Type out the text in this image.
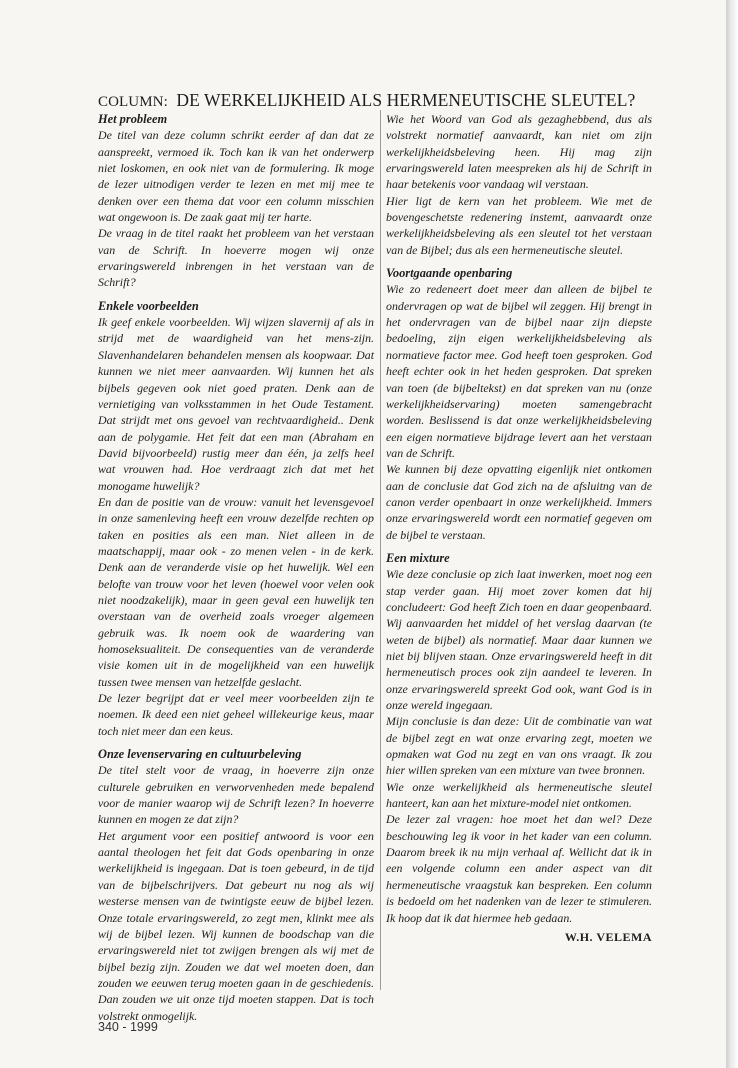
COLUMN: DE WERKELIJKHEID ALS HERMENEUTISCHE SLEUTEL?
Het probleem

De titel van deze column schrikt eerder af dan dat ze aanspreekt, vermoed ik. Toch kan ik van het onderwerp niet loskomen, en ook niet van de formulering. Ik moge de lezer uitnodigen verder te lezen en met mij mee te denken over een thema dat voor een column misschien wat ongewoon is. De zaak gaat mij ter harte.

De vraag in de titel raakt het probleem van het verstaan van de Schrift. In hoeverre mogen wij onze ervaringswereld inbrengen in het verstaan van de Schrift?

Enkele voorbeelden

Ik geef enkele voorbeelden. Wij wijzen slavernij af als in strijd met de waardigheid van het mens-zijn. Slavenhandelaren behandelen mensen als koopwaar. Dat kunnen we niet meer aanvaarden. Wij kunnen het als bijbels gegeven ook niet goed praten. Denk aan de vernietiging van volksstammen in het Oude Testament. Dat strijdt met ons gevoel van rechtvaardigheid.. Denk aan de polygamie. Het feit dat een man (Abraham en David bijvoorbeeld) rustig meer dan één, ja zelfs heel wat vrouwen had. Hoe verdraagt zich dat met het monogame huwelijk?

En dan de positie van de vrouw: vanuit het levensgevoel in onze samenleving heeft een vrouw dezelfde rechten op taken en posities als een man. Niet alleen in de maatschappij, maar ook - zo menen velen - in de kerk. Denk aan de veranderde visie op het huwelijk. Wel een belofte van trouw voor het leven (hoewel voor velen ook niet noodzakelijk), maar in geen geval een huwelijk ten overstaan van de overheid zoals vroeger algemeen gebruik was. Ik noem ook de waardering van homoseksualiteit. De consequenties van de veranderde visie komen uit in de mogelijkheid van een huwelijk tussen twee mensen van hetzelfde geslacht.

De lezer begrijpt dat er veel meer voorbeelden zijn te noemen. Ik deed een niet geheel willekeurige keus, maar toch niet meer dan een keus.

Onze levenservaring en cultuurbeleving

De titel stelt voor de vraag, in hoeverre zijn onze culturele gebruiken en verworvenheden mede bepalend voor de manier waarop wij de Schrift lezen? In hoeverre kunnen en mogen ze dat zijn?

Het argument voor een positief antwoord is voor een aantal theologen het feit dat Gods openbaring in onze werkelijkheid is ingegaan. Dat is toen gebeurd, in de tijd van de bijbelschrijvers. Dat gebeurt nu nog als wij westerse mensen van de twintigste eeuw de bijbel lezen. Onze totale ervaringswereld, zo zegt men, klinkt mee als wij de bijbel lezen. Wij kunnen de boodschap van die ervaringswereld niet tot zwijgen brengen als wij met de bijbel bezig zijn. Zouden we dat wel moeten doen, dan zouden we eeuwen terug moeten gaan in de geschiedenis. Dan zouden we uit onze tijd moeten stappen. Dat is toch volstrekt onmogelijk.

Wie het Woord van God als gezaghebbend, dus als volstrekt normatief aanvaardt, kan niet om zijn werkelijkheidsbeleving heen. Hij mag zijn ervaringswereld laten meespreken als hij de Schrift in haar betekenis voor vandaag wil verstaan.

Hier ligt de kern van het probleem. Wie met de bovengeschetste redenering instemt, aanvaardt onze werkelijkheidsbeleving als een sleutel tot het verstaan van de Bijbel; dus als een hermeneutische sleutel.

Voortgaande openbaring

Wie zo redeneert doet meer dan alleen de bijbel te ondervragen op wat de bijbel wil zeggen. Hij brengt in het ondervragen van de bijbel naar zijn diepste bedoeling, zijn eigen werkelijkheidsbeleving als normatieve factor mee. God heeft toen gesproken. God heeft echter ook in het heden gesproken. Dat spreken van toen (de bijbeltekst) en dat spreken van nu (onze werkelijkheidservaring) moeten samengebracht worden. Beslissend is dat onze werkelijkheidsbeleving een eigen normatieve bijdrage levert aan het verstaan van de Schrift.

We kunnen bij deze opvatting eigenlijk niet ontkomen aan de conclusie dat God zich na de afsluitng van de canon verder openbaart in onze werkelijkheid. Immers onze ervaringswereld wordt een normatief gegeven om de bijbel te verstaan.

Een mixture

Wie deze conclusie op zich laat inwerken, moet nog een stap verder gaan. Hij moet zover komen dat hij concludeert: God heeft Zich toen en daar geopenbaard. Wij aanvaarden het middel of het verslag daarvan (te weten de bijbel) als normatief. Maar daar kunnen we niet bij blijven staan. Onze ervaringswereld heeft in dit hermeneutisch proces ook zijn aandeel te leveren. In onze ervaringswereld spreekt God ook, want God is in onze wereld ingegaan.

Mijn conclusie is dan deze: Uit de combinatie van wat de bijbel zegt en wat onze ervaring zegt, moeten we opmaken wat God nu zegt en van ons vraagt. Ik zou hier willen spreken van een mixture van twee bronnen.

Wie onze werkelijkheid als hermeneutische sleutel hanteert, kan aan het mixture-model niet ontkomen.

De lezer zal vragen: hoe moet het dan wel? Deze beschouwing leg ik voor in het kader van een column. Daarom breek ik nu mijn verhaal af. Wellicht dat ik in een volgende column een ander aspect van dit hermeneutische vraagstuk kan bespreken. Een column is bedoeld om het nadenken van de lezer te stimuleren. Ik hoop dat ik dat hiermee heb gedaan.

W.H. VELEMA

340 - 1999
